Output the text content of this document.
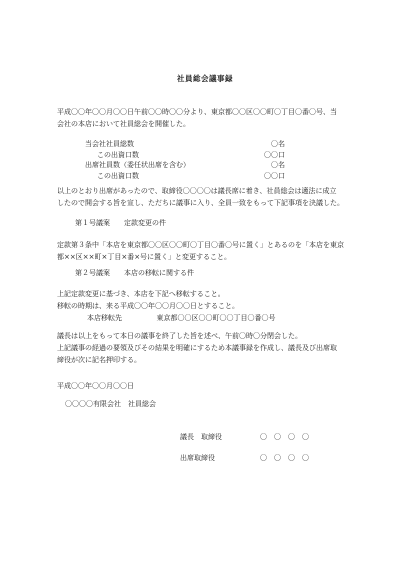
社員総会議事録
平成〇〇年〇〇月〇〇日午前〇〇時〇〇分より、東京都〇〇区〇〇町〇丁目〇番〇号、当
会社の本店において社員総会を開催した。
当会社社員総数	〇名
この出資口数	〇〇口
出席社員数（委任状出席を含む）	〇名
この出資口数	〇〇口
以上のとおり出席があったので、取締役〇〇〇〇は議長席に着き、社員総会は適法に成立
したので開会する旨を宣し、ただちに議事に入り、全員一致をもって下記事項を決議した。
第１号議案　　定款変更の件
定款第３条中「本店を東京都〇〇区〇〇町〇丁目〇番〇号に置く」とあるのを「本店を東京
都××区××町×丁目×番×号に置く」と変更すること。
第２号議案　　本店の移転に関する件
上記定款変更に基づき、本店を下記へ移転すること。
移転の時期は、来る平成〇〇年〇〇月〇〇日とすること。
本店移転先	東京都〇〇区〇〇町〇〇丁目〇番〇号
議長は以上をもって本日の議事を終了した旨を述べ、午前〇時〇分閉会した。
上記議事の経過の要領及びその結果を明確にするため本議事録を作成し、議長及び出席取
締役が次に記名押印する。
平成〇〇年〇〇月〇〇日
〇〇〇〇有限会社　社員総会
議長　取締役	〇〇〇〇
出席取締役	〇〇〇〇
